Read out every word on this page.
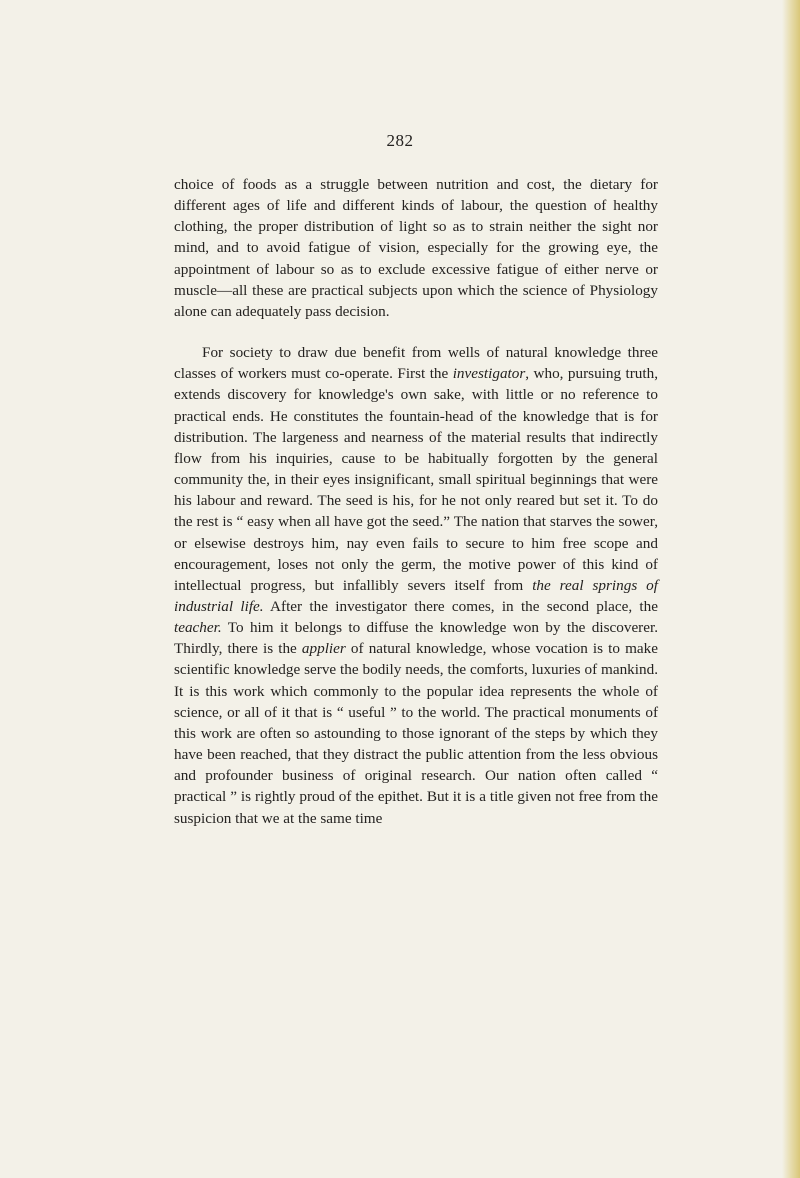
282

choice of foods as a struggle between nutrition and cost, the dietary for different ages of life and different kinds of labour, the question of healthy clothing, the proper distribution of light so as to strain neither the sight nor mind, and to avoid fatigue of vision, especially for the growing eye, the appointment of labour so as to exclude excessive fatigue of either nerve or muscle—all these are practical subjects upon which the science of Physiology alone can adequately pass decision.

For society to draw due benefit from wells of natural knowledge three classes of workers must co-operate. First the investigator, who, pursuing truth, extends discovery for knowledge's own sake, with little or no reference to practical ends. He constitutes the fountain-head of the knowledge that is for distribution. The largeness and nearness of the material results that indirectly flow from his inquiries, cause to be habitually forgotten by the general community the, in their eyes insignificant, small spiritual beginnings that were his labour and reward. The seed is his, for he not only reared but set it. To do the rest is “ easy when all have got the seed.” The nation that starves the sower, or elsewise destroys him, nay even fails to secure to him free scope and encouragement, loses not only the germ, the motive power of this kind of intellectual progress, but infallibly severs itself from the real springs of industrial life. After the investigator there comes, in the second place, the teacher. To him it belongs to diffuse the knowledge won by the discoverer. Thirdly, there is the applier of natural knowledge, whose vocation is to make scientific knowledge serve the bodily needs, the comforts, luxuries of mankind. It is this work which commonly to the popular idea represents the whole of science, or all of it that is “ useful ” to the world. The practical monuments of this work are often so astounding to those ignorant of the steps by which they have been reached, that they distract the public attention from the less obvious and profounder business of original research. Our nation often called “ practical ” is rightly proud of the epithet. But it is a title given not free from the suspicion that we at the same time
